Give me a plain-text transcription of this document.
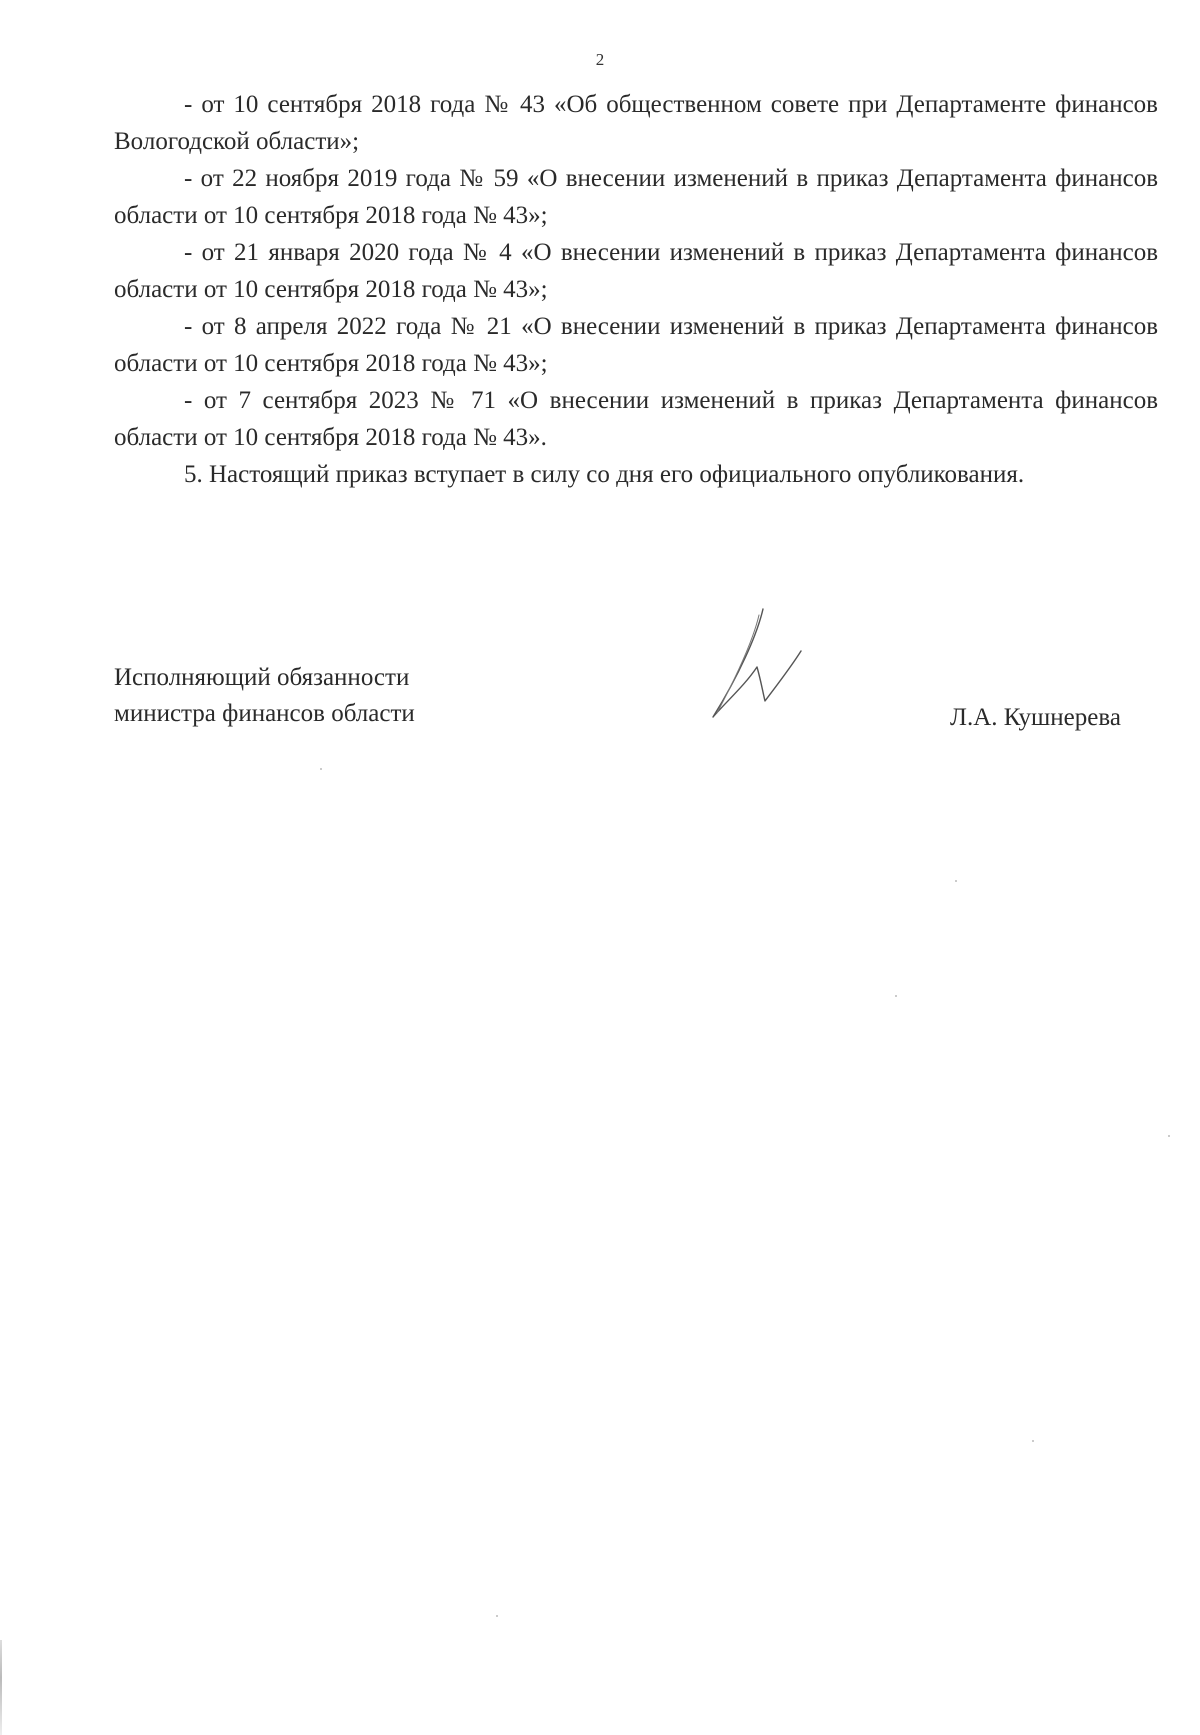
2

- от 10 сентября 2018 года № 43 «Об общественном совете при Департаменте финансов Вологодской области»;

- от 22 ноября 2019 года № 59 «О внесении изменений в приказ Департамента финансов области от 10 сентября 2018 года № 43»;

- от 21 января 2020 года № 4 «О внесении изменений в приказ Департамента финансов области от 10 сентября 2018 года № 43»;

- от 8 апреля 2022 года № 21 «О внесении изменений в приказ Департамента финансов области от 10 сентября 2018 года № 43»;

- от 7 сентября 2023 № 71 «О внесении изменений в приказ Департамента финансов области от 10 сентября 2018 года № 43».

5. Настоящий приказ вступает в силу со дня его официального опубликования.

Исполняющий обязанности
министра финансов области	Л.А. Кушнерева
